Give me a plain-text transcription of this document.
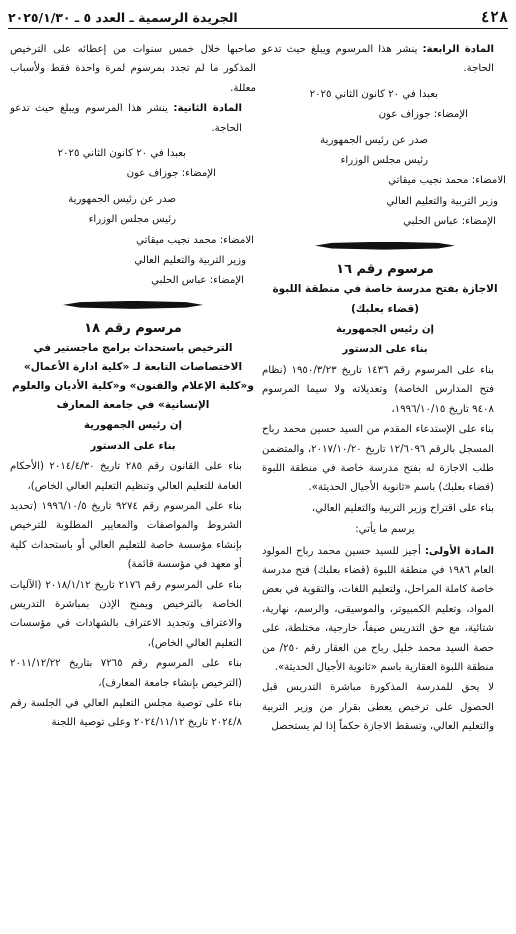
٤٢٨
الجريدة الرسمية ـ العدد ٥ ـ ٢٠٢٥/١/٣٠

المادة الرابعة: ينشر هذا المرسوم ويبلغ حيث تدعو الحاجة.

بعبدا في ٢٠ كانون الثاني ٢٠٢٥

الإمضاء: جوزاف عون

صدر عن رئيس الجمهورية

رئيس مجلس الوزراء

الامضاء: محمد نجيب ميقاتي

وزير التربية والتعليم العالي

الإمضاء: عباس الحلبي

مرسوم رقم ١٦

الاجازة بفتح مدرسة خاصة في منطقة اللبوة

(قضاء بعلبك)

إن رئيس الجمهورية

بناء على الدستور

بناء على المرسوم رقم ١٤٣٦ تاريخ ١٩٥٠/٣/٢٣ (نظام فتح المدارس الخاصة) وتعديلاته ولا سيما المرسوم ٩٤٠٨ تاريخ ١٩٩٦/١٠/١٥،

بناء على الإستدعاء المقدم من السيد حسين محمد رباح المسجل بالرقم ١٢/٦٠٩٦ تاريخ ٢٠١٧/١٠/٢٠، والمتضمن طلب الاجازة له بفتح مدرسة خاصة في منطقة اللبوة (قضاء بعلبك) باسم «ثانوية الأجيال الحديثة».

بناء على اقتراح وزير التربية والتعليم العالي،

يرسم ما يأتي:

المادة الأولى: أجيز للسيد حسين محمد رباح المولود العام ١٩٨٦ في منطقة اللبوة (قضاء بعلبك) فتح مدرسة خاصة كاملة المراحل، ولتعليم اللغات، والتقوية في بعض المواد، وتعليم الكمبيوتر، والموسيقى، والرسم، نهارية، شتائية، مع حق التدريس صيفاً، خارجية، مختلطة، على حصة السيد محمد خليل رباح من العقار رقم ٢٥٠/ من منطقة اللبوة العقارية باسم «ثانوية الأجيال الحديثة».

لا يحق للمدرسة المذكورة مباشرة التدريس قبل الحصول على ترخيص يعطى بقرار من وزير التربية والتعليم العالي، وتسقط الاجازة حكماً إذا لم يستحصل

صاحبها خلال خمس سنوات من إعطائه على الترخيص المذكور ما لم تجدد بمرسوم لمرة واحدة فقط ولأسباب معللة.

المادة الثانية: ينشر هذا المرسوم ويبلغ حيث تدعو الحاجة.

بعبدا في ٢٠ كانون الثاني ٢٠٢٥

الإمضاء: جوزاف عون

صدر عن رئيس الجمهورية

رئيس مجلس الوزراء

الامضاء: محمد نجيب ميقاتي

وزير التربية والتعليم العالي

الإمضاء: عباس الحلبي

مرسوم رقم ١٨

الترخيص باستحداث برامج ماجستير في الاختصاصات التابعة لـ «كلية ادارة الأعمال» و«كلية الإعلام والفنون» و«كلية الأديان والعلوم الإنسانية» في جامعة المعارف

إن رئيس الجمهورية

بناء على الدستور

بناء على القانون رقم ٢٨٥ تاريخ ٢٠١٤/٤/٣٠ (الأحكام العامة للتعليم العالي وتنظيم التعليم العالي الخاص)،

بناء على المرسوم رقم ٩٢٧٤ تاريخ ١٩٩٦/١٠/٥ (تحديد الشروط والمواصفات والمعايير المطلوبة للترخيص بإنشاء مؤسسة خاصة للتعليم العالي أو باستحداث كلية أو معهد في مؤسسة قائمة)

بناء على المرسوم رقم ٢١٧٦ تاريخ ٢٠١٨/١/١٢ (الآليات الخاصة بالترخيص ويمنح الإذن بمباشرة التدريس والاعتراف وتجديد الاعتراف بالشهادات في مؤسسات التعليم العالي الخاص)،

بناء على المرسوم رقم ٧٢٦٥ بتاريخ ٢٠١١/١٢/٢٢ (الترخيص بإنشاء جامعة المعارف)،

بناء على توصية مجلس التعليم العالي في الجلسة رقم ٢٠٢٤/٨ تاريخ ٢٠٢٤/١١/١٢ وعلى توصية اللجنة
